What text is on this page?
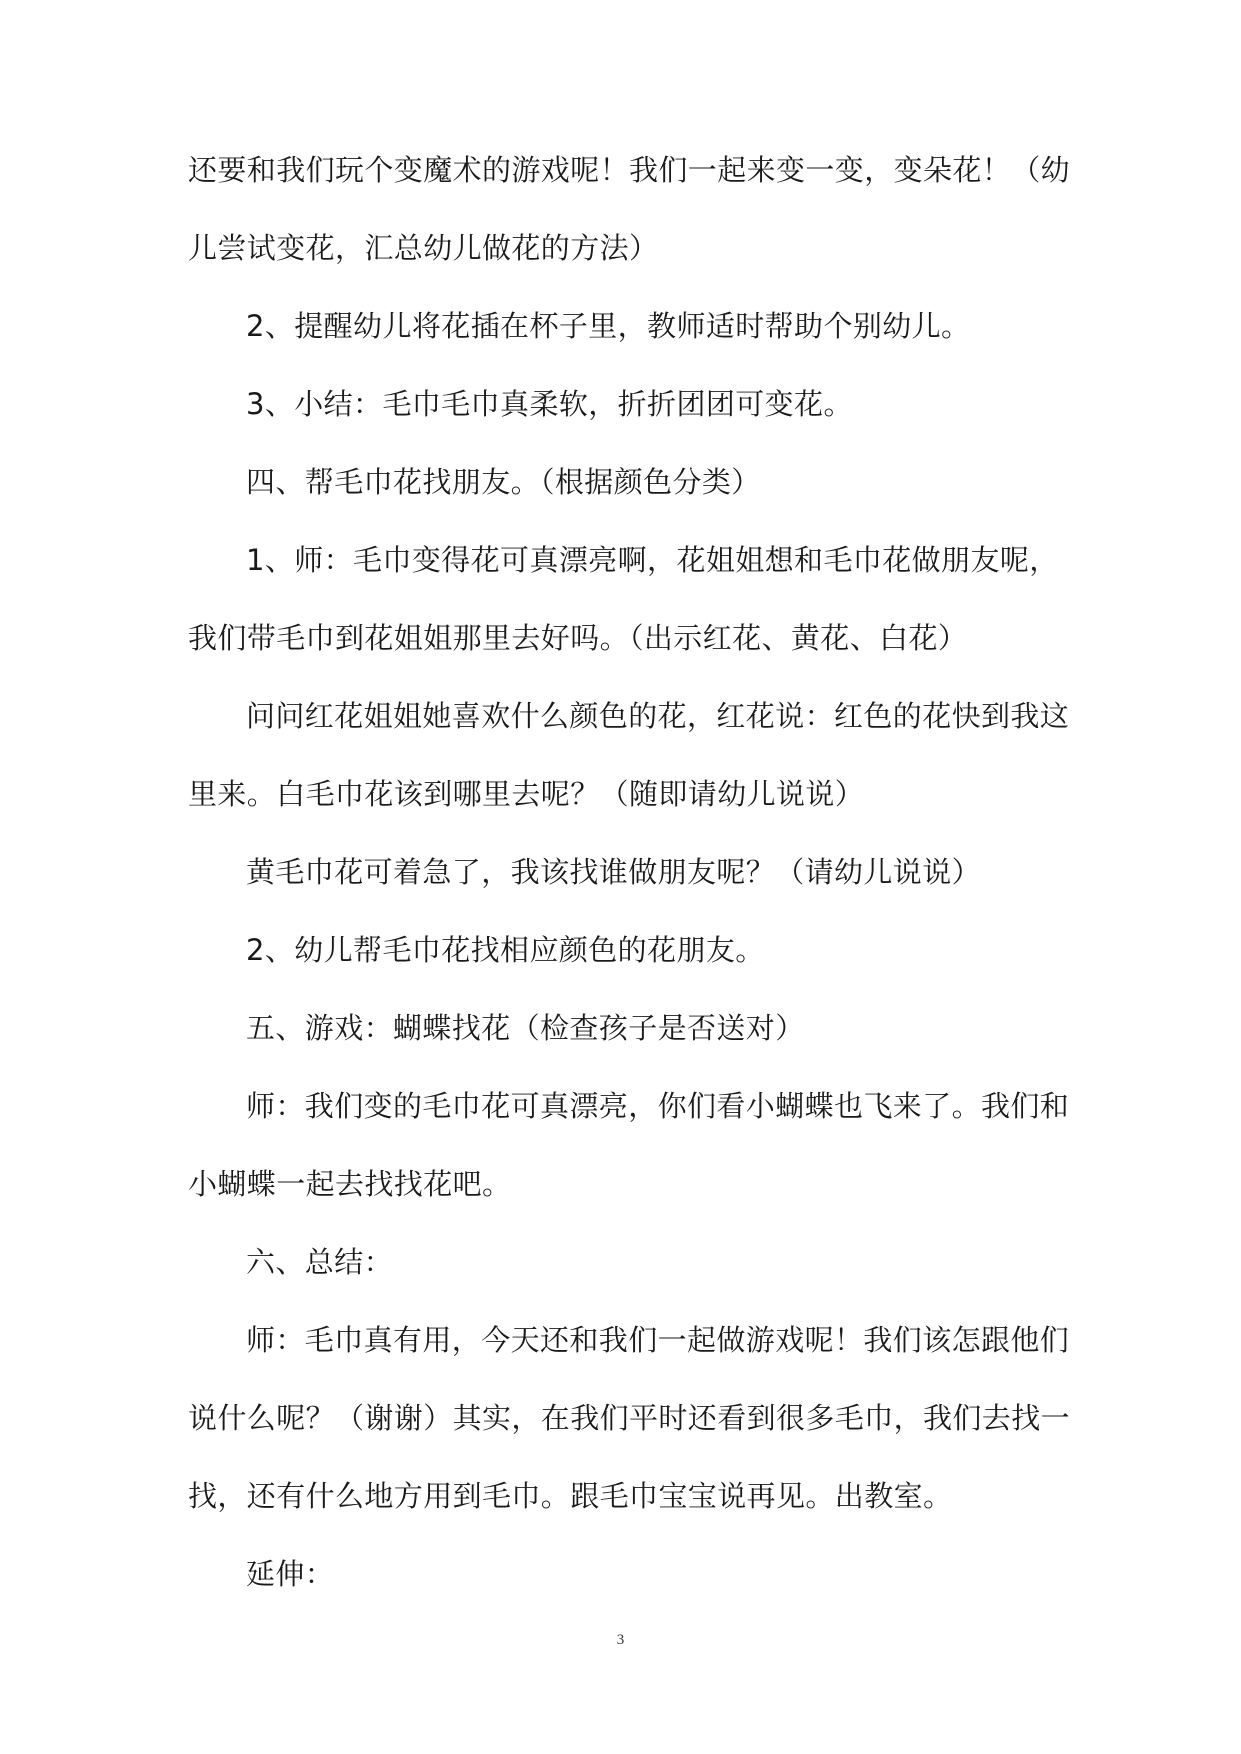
还要和我们玩个变魔术的游戏呢！我们一起来变一变，变朵花！（幼
儿尝试变花，汇总幼儿做花的方法）
2、提醒幼儿将花插在杯子里，教师适时帮助个别幼儿。
3、小结：毛巾毛巾真柔软，折折团团可变花。
四、帮毛巾花找朋友。（根据颜色分类）
1、师：毛巾变得花可真漂亮啊，花姐姐想和毛巾花做朋友呢，
我们带毛巾到花姐姐那里去好吗。（出示红花、黄花、白花）
问问红花姐姐她喜欢什么颜色的花，红花说：红色的花快到我这
里来。白毛巾花该到哪里去呢？（随即请幼儿说说）
黄毛巾花可着急了，我该找谁做朋友呢？（请幼儿说说）
2、幼儿帮毛巾花找相应颜色的花朋友。
五、游戏：蝴蝶找花（检查孩子是否送对）
师：我们变的毛巾花可真漂亮，你们看小蝴蝶也飞来了。我们和
小蝴蝶一起去找找花吧。
六、总结：
师：毛巾真有用，今天还和我们一起做游戏呢！我们该怎跟他们
说什么呢？（谢谢）其实，在我们平时还看到很多毛巾，我们去找一
找，还有什么地方用到毛巾。跟毛巾宝宝说再见。出教室。
延伸：
3
